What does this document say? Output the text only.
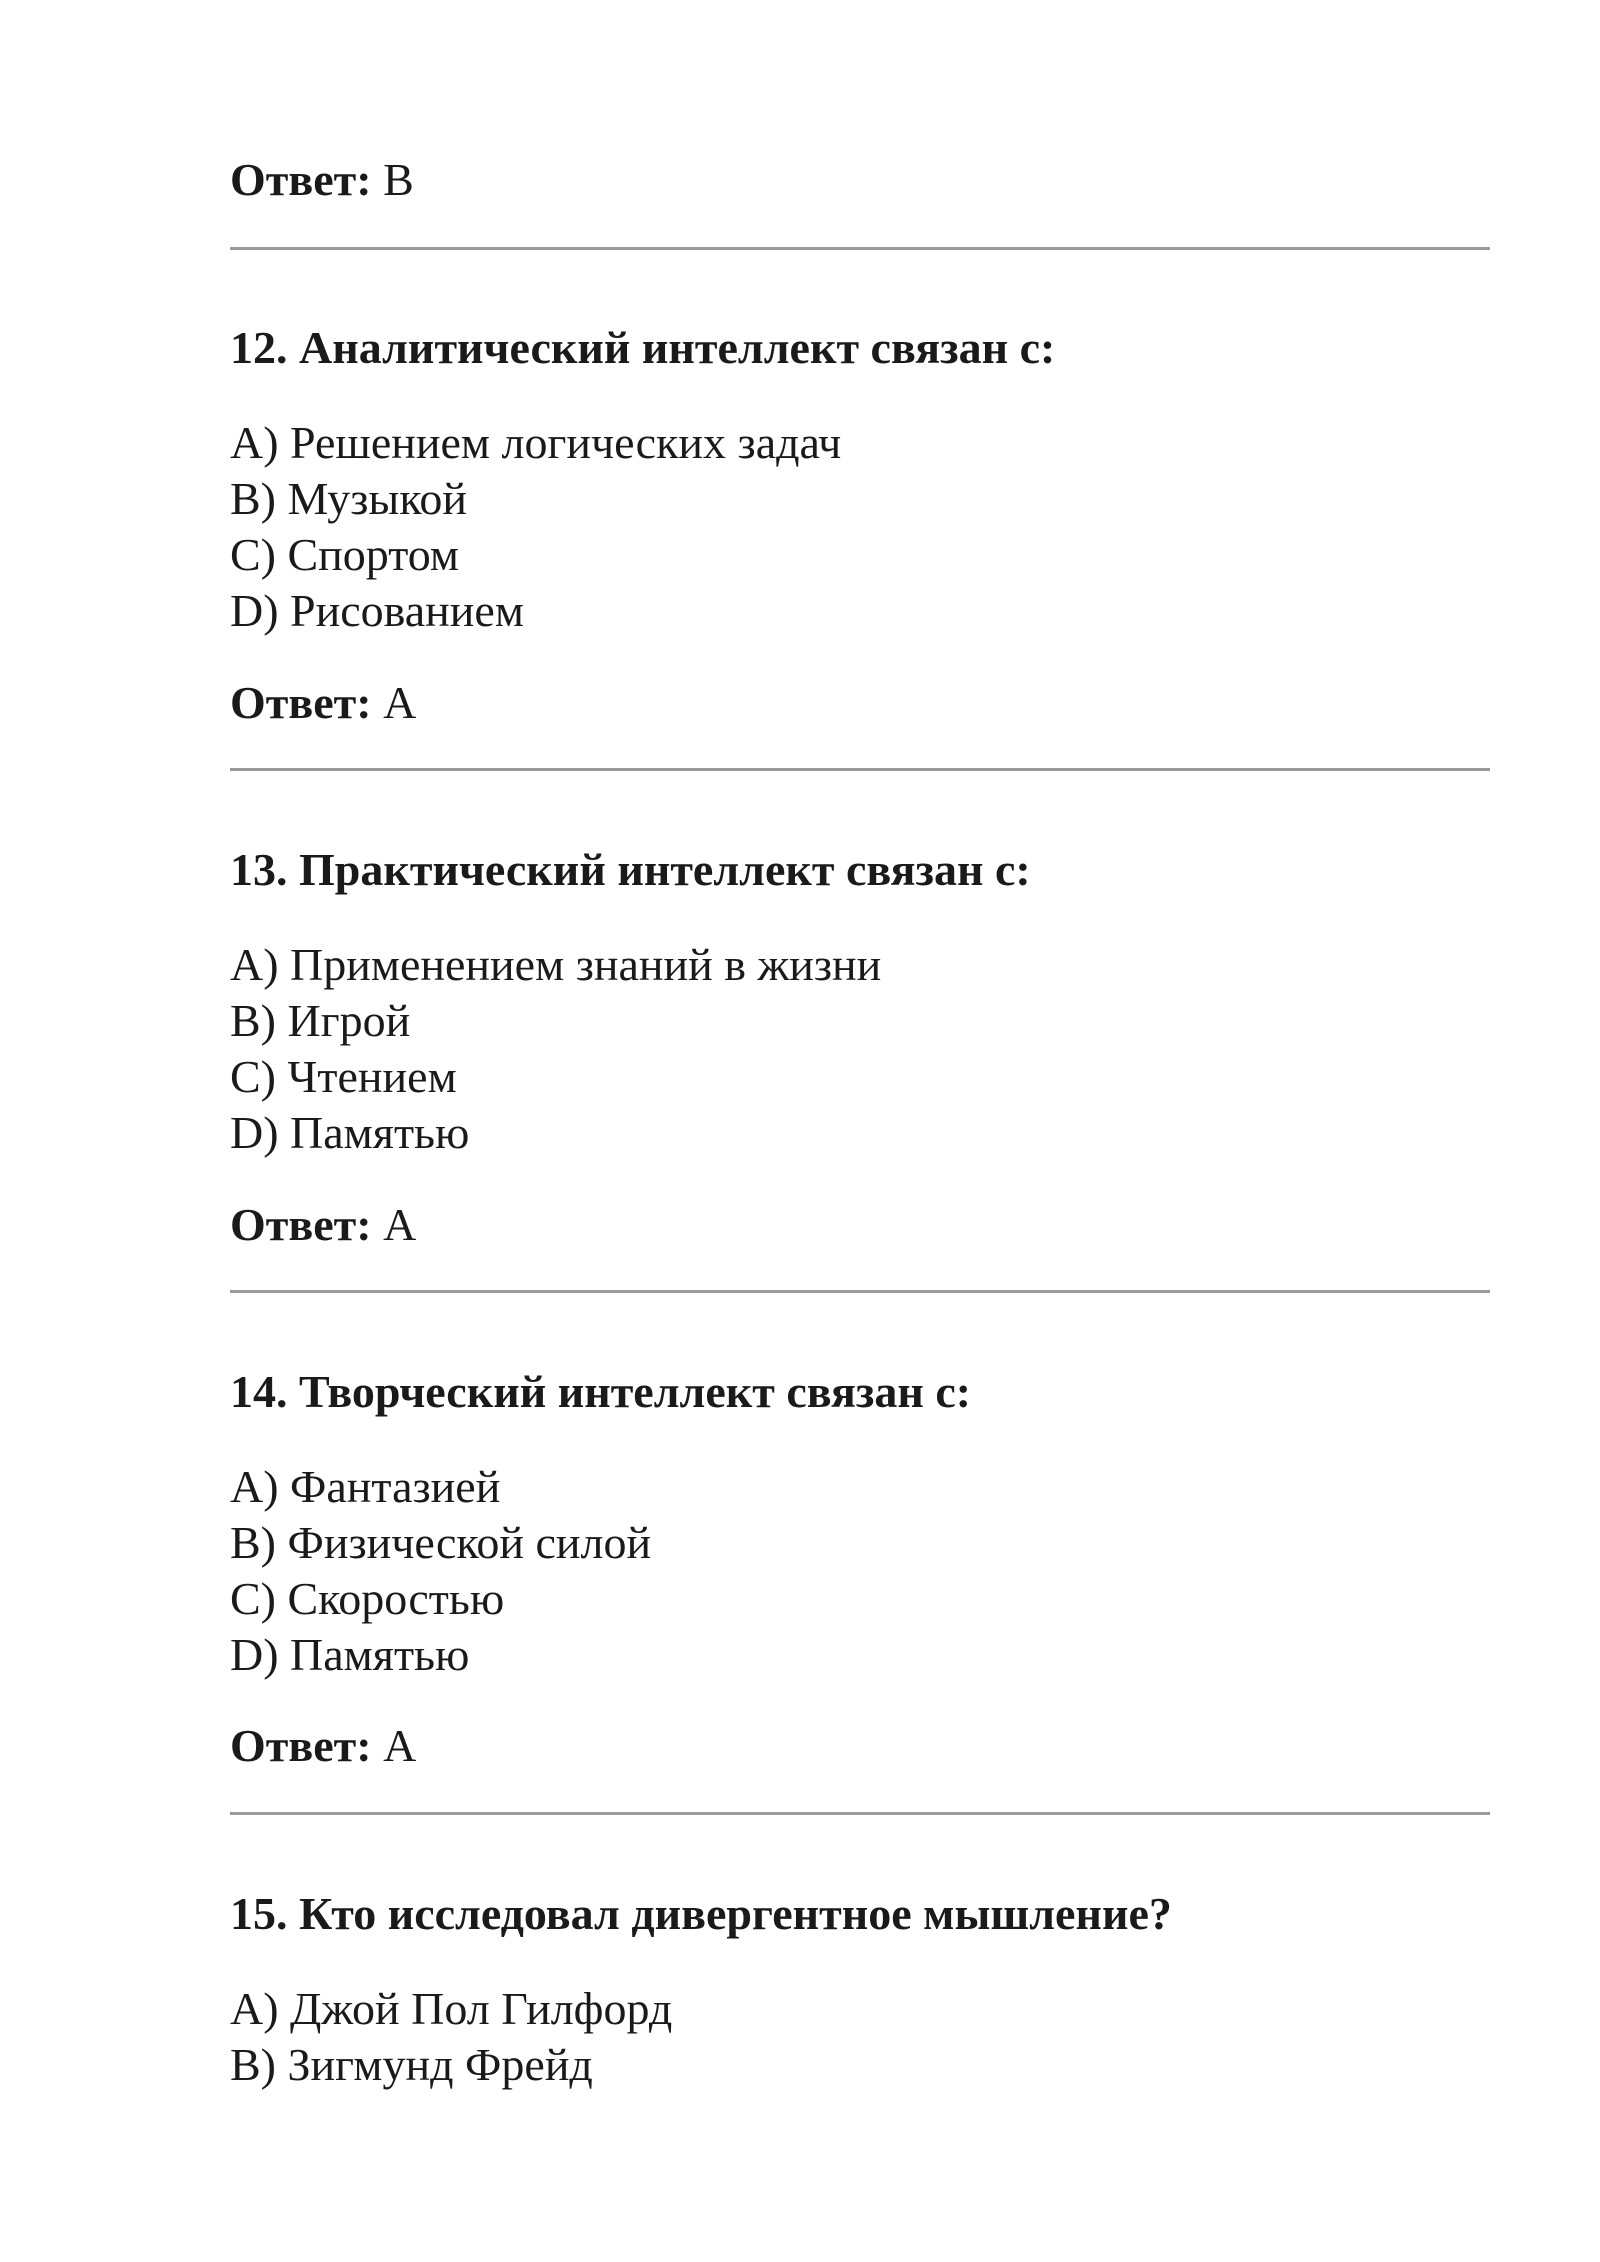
Ответ: B
12. Аналитический интеллект связан с:
A) Решением логических задач
B) Музыкой
C) Спортом
D) Рисованием
Ответ: A
13. Практический интеллект связан с:
A) Применением знаний в жизни
B) Игрой
C) Чтением
D) Памятью
Ответ: A
14. Творческий интеллект связан с:
A) Фантазией
B) Физической силой
C) Скоростью
D) Памятью
Ответ: A
15. Кто исследовал дивергентное мышление?
A) Джой Пол Гилфорд
B) Зигмунд Фрейд
